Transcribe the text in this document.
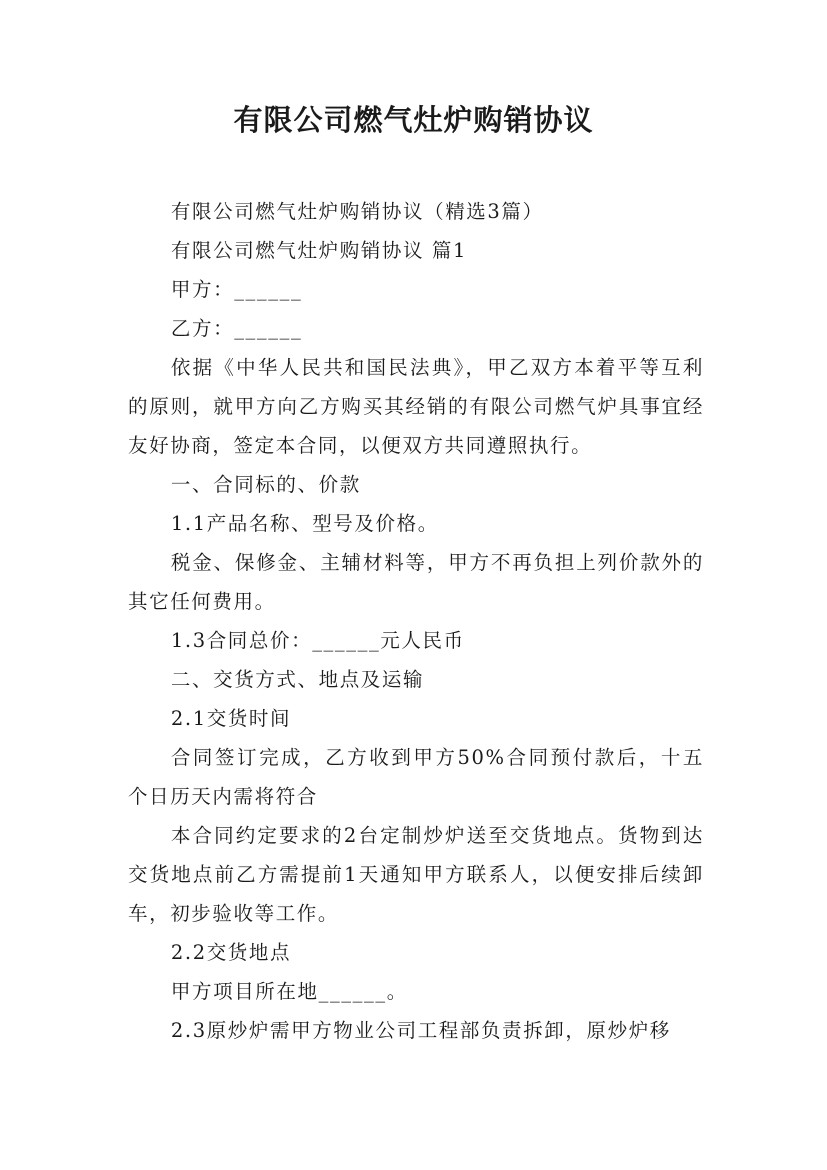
有限公司燃气灶炉购销协议

有限公司燃气灶炉购销协议（精选3篇）

有限公司燃气灶炉购销协议 篇1

甲方：______

乙方：______

依据《中华人民共和国民法典》，甲乙双方本着平等互利的原则，就甲方向乙方购买其经销的有限公司燃气炉具事宜经友好协商，签定本合同，以便双方共同遵照执行。

一、合同标的、价款

1.1产品名称、型号及价格。

税金、保修金、主辅材料等，甲方不再负担上列价款外的其它任何费用。

1.3合同总价：______元人民币

二、交货方式、地点及运输

2.1交货时间

合同签订完成，乙方收到甲方50%合同预付款后，十五个日历天内需将符合

本合同约定要求的2台定制炒炉送至交货地点。货物到达交货地点前乙方需提前1天通知甲方联系人，以便安排后续卸车，初步验收等工作。

2.2交货地点

甲方项目所在地______。

2.3原炒炉需甲方物业公司工程部负责拆卸，原炒炉移
